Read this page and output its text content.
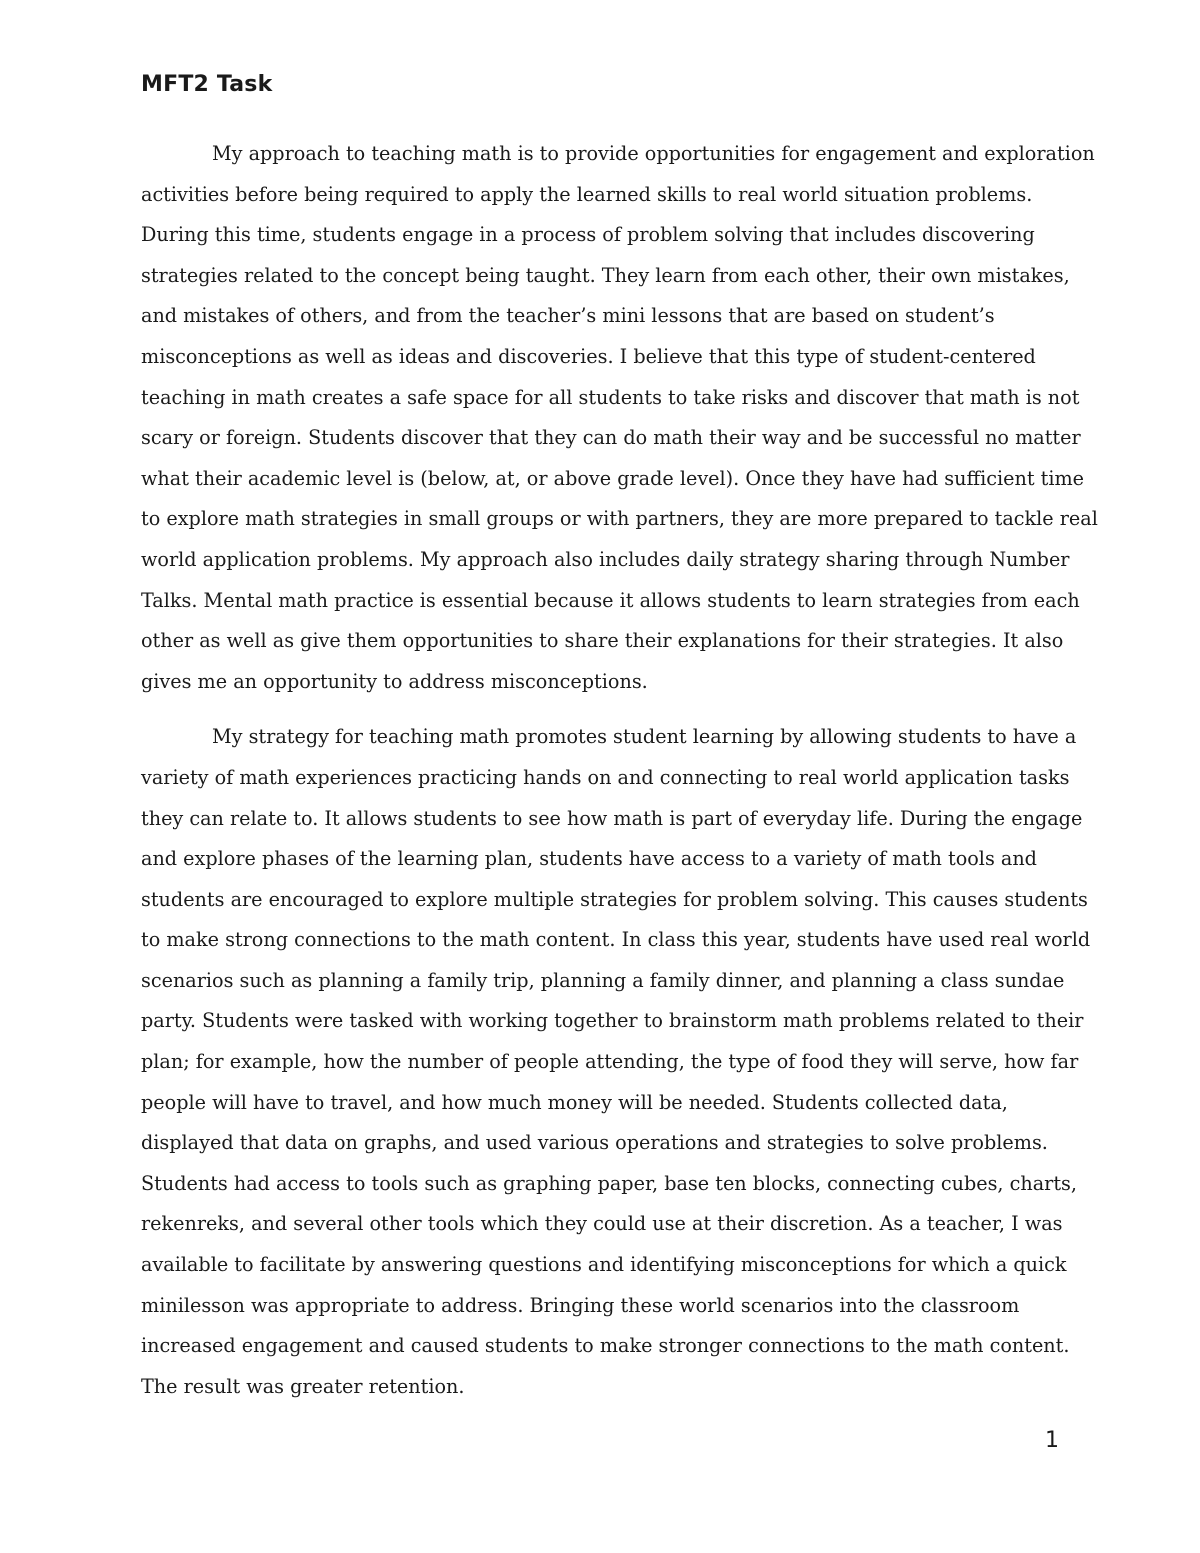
MFT2 Task

My approach to teaching math is to provide opportunities for engagement and exploration
activities before being required to apply the learned skills to real world situation problems.
During this time, students engage in a process of problem solving that includes discovering
strategies related to the concept being taught. They learn from each other, their own mistakes,
and mistakes of others, and from the teacher’s mini lessons that are based on student’s
misconceptions as well as ideas and discoveries. I believe that this type of student-centered
teaching in math creates a safe space for all students to take risks and discover that math is not
scary or foreign. Students discover that they can do math their way and be successful no matter
what their academic level is (below, at, or above grade level). Once they have had sufficient time
to explore math strategies in small groups or with partners, they are more prepared to tackle real
world application problems. My approach also includes daily strategy sharing through Number
Talks. Mental math practice is essential because it allows students to learn strategies from each
other as well as give them opportunities to share their explanations for their strategies. It also
gives me an opportunity to address misconceptions.

My strategy for teaching math promotes student learning by allowing students to have a
variety of math experiences practicing hands on and connecting to real world application tasks
they can relate to. It allows students to see how math is part of everyday life. During the engage
and explore phases of the learning plan, students have access to a variety of math tools and
students are encouraged to explore multiple strategies for problem solving. This causes students
to make strong connections to the math content. In class this year, students have used real world
scenarios such as planning a family trip, planning a family dinner, and planning a class sundae
party. Students were tasked with working together to brainstorm math problems related to their
plan; for example, how the number of people attending, the type of food they will serve, how far
people will have to travel, and how much money will be needed. Students collected data,
displayed that data on graphs, and used various operations and strategies to solve problems.
Students had access to tools such as graphing paper, base ten blocks, connecting cubes, charts,
rekenreks, and several other tools which they could use at their discretion. As a teacher, I was
available to facilitate by answering questions and identifying misconceptions for which a quick
minilesson was appropriate to address. Bringing these world scenarios into the classroom
increased engagement and caused students to make stronger connections to the math content.
The result was greater retention.

1
